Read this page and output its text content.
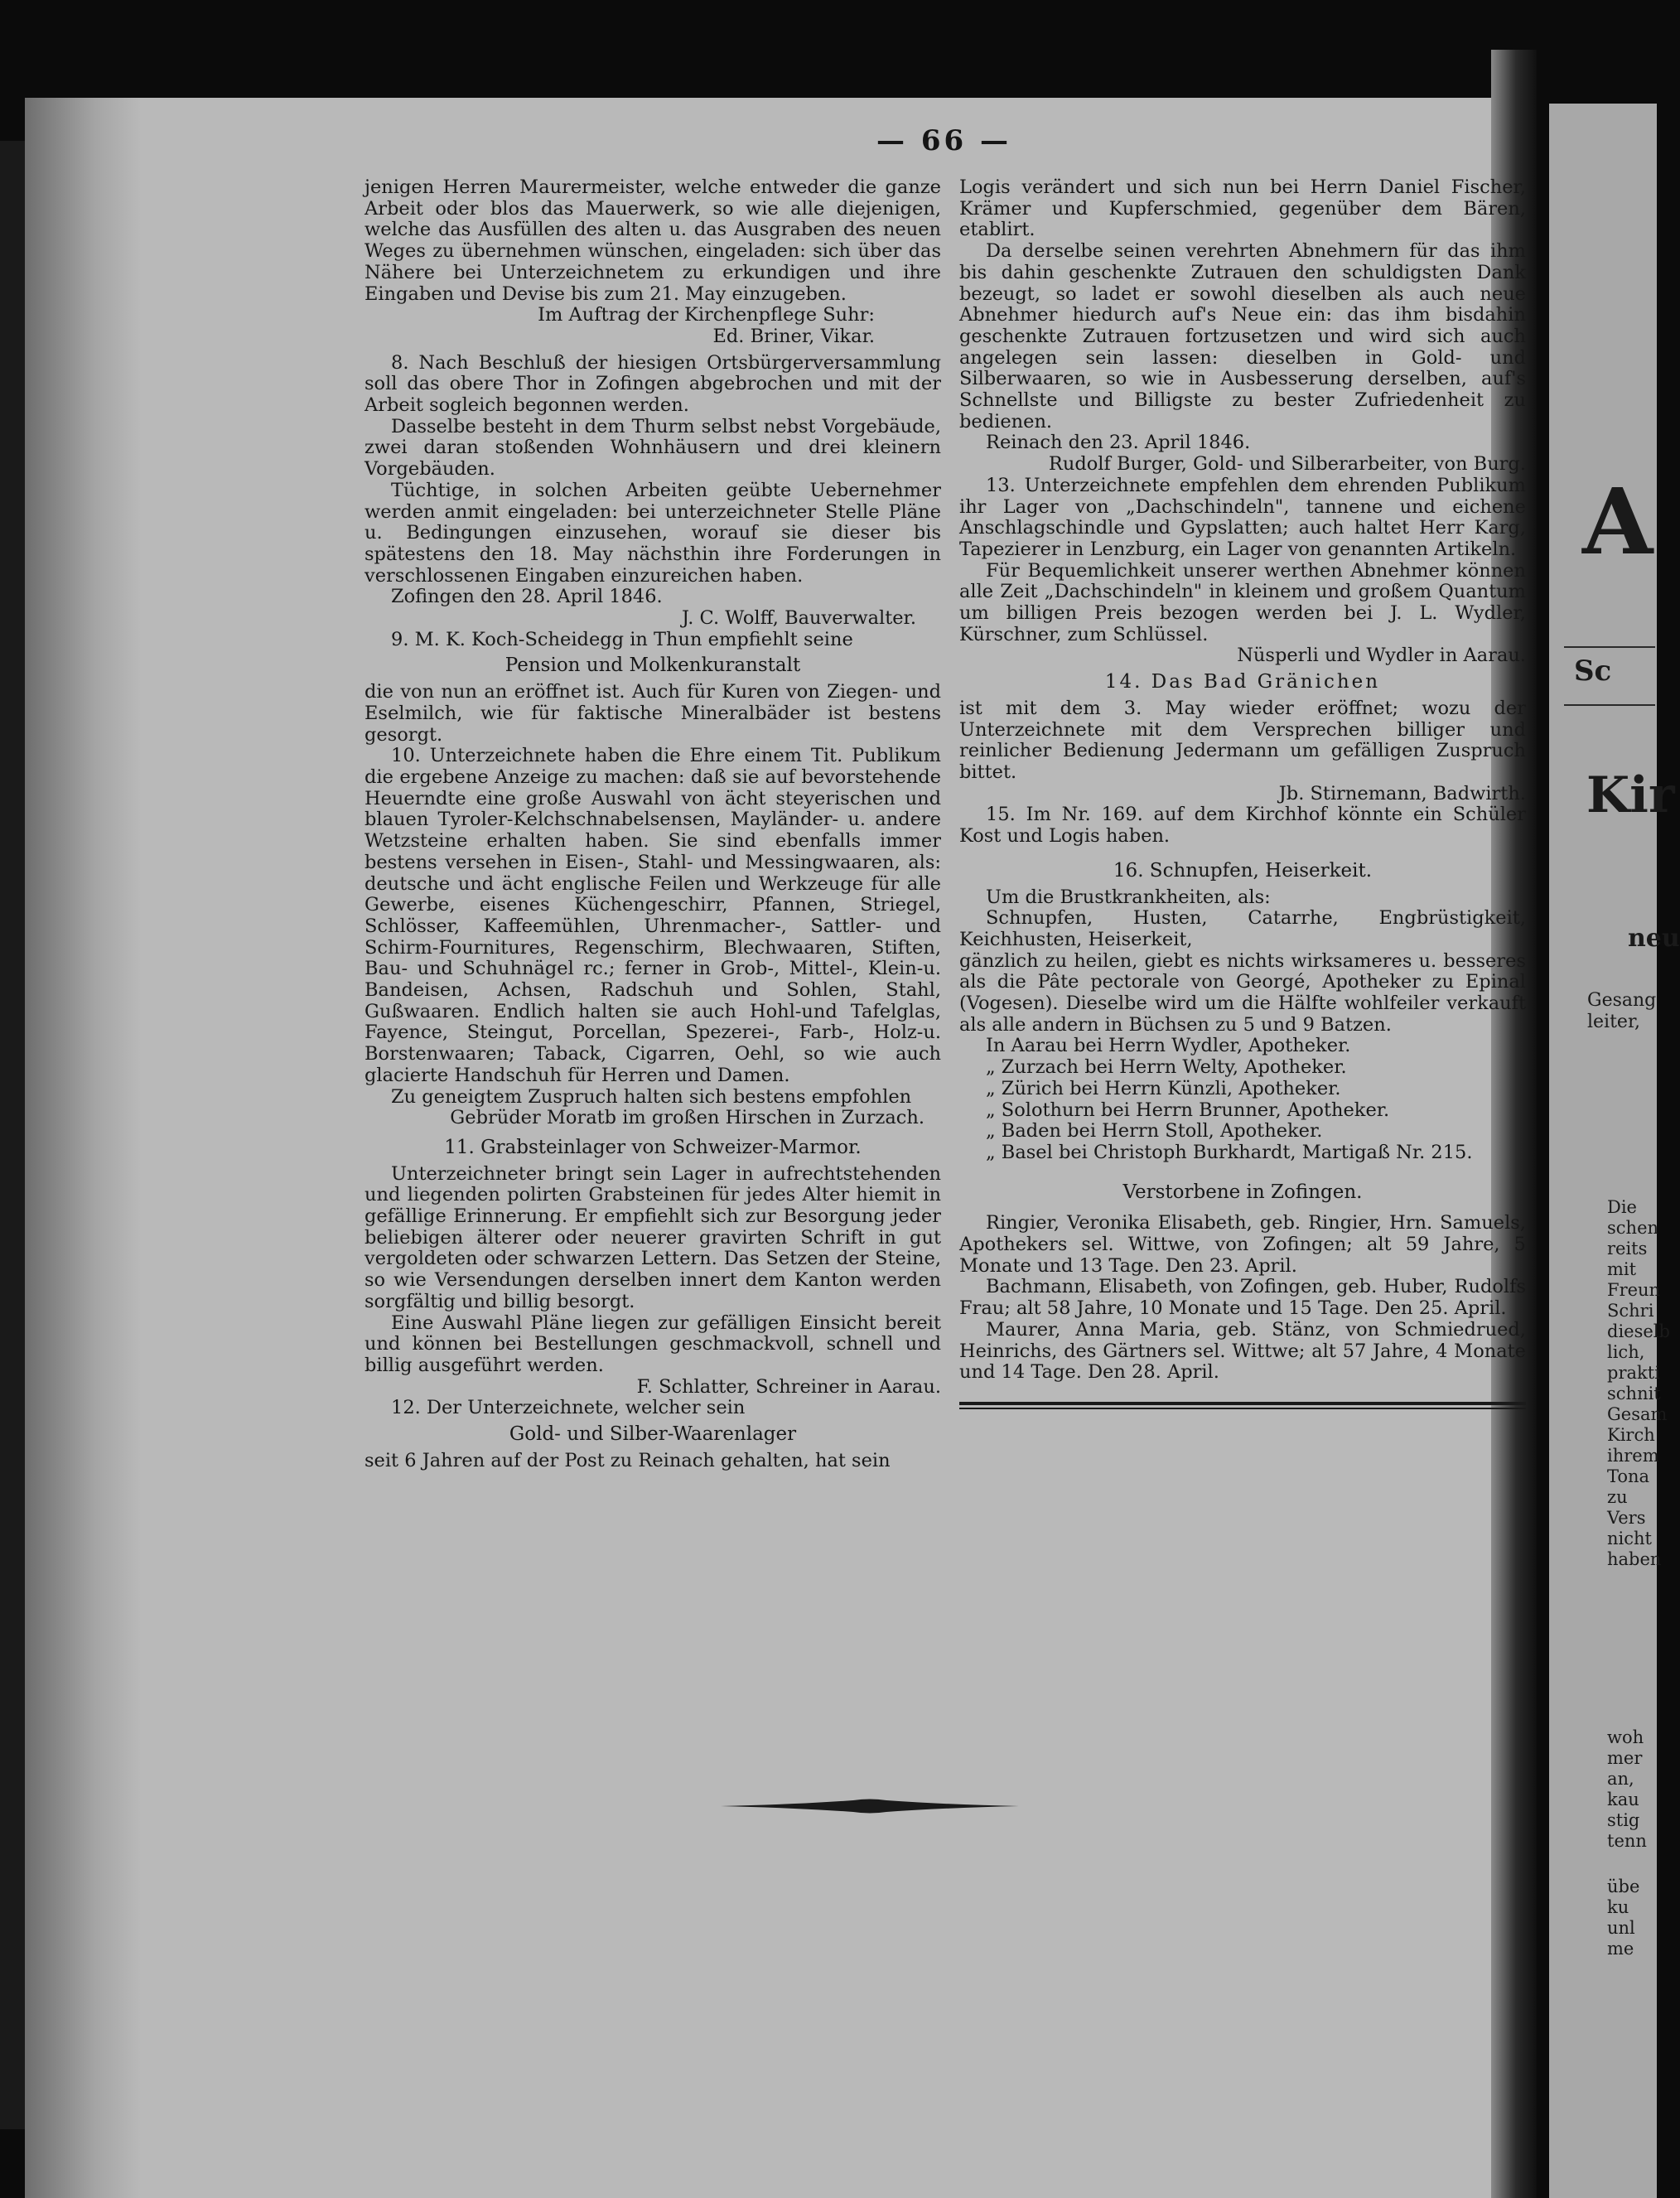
A
Sc
Kir
neu
Gesang
leiter,
Die
schen
reits
mit
Freun
Schri
dieselb
lich,
prakti
schnit
Gesam
Kirch
ihrem
Tona
zu
Vers
nicht
haben
woh
mer
an,
kau
stig
tenn
übe
ku
unl
me
— 66 —

jenigen Herren Maurermeister, welche entweder die ganze Arbeit oder blos das Mauerwerk, so wie alle diejenigen, welche das Ausfüllen des alten u. das Ausgraben des neuen Weges zu übernehmen wünschen, eingeladen: sich über das Nähere bei Unterzeichnetem zu erkundigen und ihre Eingaben und Devise bis zum 21. May einzugeben.

Im Auftrag der Kirchenpflege Suhr:

Ed. Briner, Vikar.

8. Nach Beschluß der hiesigen Ortsbürgerversammlung soll das obere Thor in Zofingen abgebrochen und mit der Arbeit sogleich begonnen werden.

Dasselbe besteht in dem Thurm selbst nebst Vorgebäude, zwei daran stoßenden Wohnhäusern und drei kleinern Vorgebäuden.

Tüchtige, in solchen Arbeiten geübte Uebernehmer werden anmit eingeladen: bei unterzeichneter Stelle Pläne u. Bedingungen einzusehen, worauf sie dieser bis spätestens den 18. May nächsthin ihre Forderungen in verschlossenen Eingaben einzureichen haben.

Zofingen den 28. April 1846.

J. C. Wolff, Bauverwalter.

9. M. K. Koch-Scheidegg in Thun empfiehlt seine

Pension und Molkenkuranstalt

die von nun an eröffnet ist. Auch für Kuren von Ziegen- und Eselmilch, wie für faktische Mineralbäder ist bestens gesorgt.

10. Unterzeichnete haben die Ehre einem Tit. Publikum die ergebene Anzeige zu machen: daß sie auf bevorstehende Heuerndte eine große Auswahl von ächt steyerischen und blauen Tyroler-Kelchschnabelsensen, Mayländer- u. andere Wetzsteine erhalten haben. Sie sind ebenfalls immer bestens versehen in Eisen-, Stahl- und Messingwaaren, als: deutsche und ächt englische Feilen und Werkzeuge für alle Gewerbe, eisenes Küchengeschirr, Pfannen, Striegel, Schlösser, Kaffeemühlen, Uhrenmacher-, Sattler- und Schirm-Fournitures, Regenschirm, Blechwaaren, Stiften, Bau- und Schuhnägel rc.; ferner in Grob-, Mittel-, Klein-u. Bandeisen, Achsen, Radschuh und Sohlen, Stahl, Gußwaaren. Endlich halten sie auch Hohl-und Tafelglas, Fayence, Steingut, Porcellan, Spezerei-, Farb-, Holz-u. Borstenwaaren; Taback, Cigarren, Oehl, so wie auch glacierte Handschuh für Herren und Damen.

Zu geneigtem Zuspruch halten sich bestens empfohlen

Gebrüder Moratb im großen Hirschen in Zurzach.

11. Grabsteinlager von Schweizer-Marmor.

Unterzeichneter bringt sein Lager in aufrechtstehenden und liegenden polirten Grabsteinen für jedes Alter hiemit in gefällige Erinnerung. Er empfiehlt sich zur Besorgung jeder beliebigen älterer oder neuerer gravirten Schrift in gut vergoldeten oder schwarzen Lettern. Das Setzen der Steine, so wie Versendungen derselben innert dem Kanton werden sorgfältig und billig besorgt.

Eine Auswahl Pläne liegen zur gefälligen Einsicht bereit und können bei Bestellungen geschmackvoll, schnell und billig ausgeführt werden.

F. Schlatter, Schreiner in Aarau.

12. Der Unterzeichnete, welcher sein

Gold- und Silber-Waarenlager

seit 6 Jahren auf der Post zu Reinach gehalten, hat sein

Logis verändert und sich nun bei Herrn Daniel Fischer, Krämer und Kupferschmied, gegenüber dem Bären, etablirt.

Da derselbe seinen verehrten Abnehmern für das ihm bis dahin geschenkte Zutrauen den schuldigsten Dank bezeugt, so ladet er sowohl dieselben als auch neue Abnehmer hiedurch auf's Neue ein: das ihm bisdahin geschenkte Zutrauen fortzusetzen und wird sich auch angelegen sein lassen: dieselben in Gold- und Silberwaaren, so wie in Ausbesserung derselben, auf's Schnellste und Billigste zu bester Zufriedenheit zu bedienen.

Reinach den 23. April 1846.

Rudolf Burger, Gold- und Silberarbeiter, von Burg.

13. Unterzeichnete empfehlen dem ehrenden Publikum ihr Lager von „Dachschindeln", tannene und eichene Anschlagschindle und Gypslatten; auch haltet Herr Karg, Tapezierer in Lenzburg, ein Lager von genannten Artikeln.

Für Bequemlichkeit unserer werthen Abnehmer können alle Zeit „Dachschindeln" in kleinem und großem Quantum um billigen Preis bezogen werden bei J. L. Wydler, Kürschner, zum Schlüssel.

Nüsperli und Wydler in Aarau.

14. Das Bad Gränichen

ist mit dem 3. May wieder eröffnet; wozu der Unterzeichnete mit dem Versprechen billiger und reinlicher Bedienung Jedermann um gefälligen Zuspruch bittet.

Jb. Stirnemann, Badwirth.

15. Im Nr. 169. auf dem Kirchhof könnte ein Schüler Kost und Logis haben.

16. Schnupfen, Heiserkeit.

Um die Brustkrankheiten, als:

Schnupfen, Husten, Catarrhe, Engbrüstigkeit, Keichhusten, Heiserkeit,

gänzlich zu heilen, giebt es nichts wirksameres u. besseres als die Pâte pectorale von Georgé, Apotheker zu Epinal (Vogesen). Dieselbe wird um die Hälfte wohlfeiler verkauft als alle andern in Büchsen zu 5 und 9 Batzen.

In Aarau bei Herrn Wydler, Apotheker.

„ Zurzach bei Herrn Welty, Apotheker.

„ Zürich bei Herrn Künzli, Apotheker.

„ Solothurn bei Herrn Brunner, Apotheker.

„ Baden bei Herrn Stoll, Apotheker.

„ Basel bei Christoph Burkhardt, Martigaß Nr. 215.

Verstorbene in Zofingen.

Ringier, Veronika Elisabeth, geb. Ringier, Hrn. Samuels, Apothekers sel. Wittwe, von Zofingen; alt 59 Jahre, 5 Monate und 13 Tage. Den 23. April.

Bachmann, Elisabeth, von Zofingen, geb. Huber, Rudolfs Frau; alt 58 Jahre, 10 Monate und 15 Tage. Den 25. April.

Maurer, Anna Maria, geb. Stänz, von Schmiedrued, Heinrichs, des Gärtners sel. Wittwe; alt 57 Jahre, 4 Monate und 14 Tage. Den 28. April.
